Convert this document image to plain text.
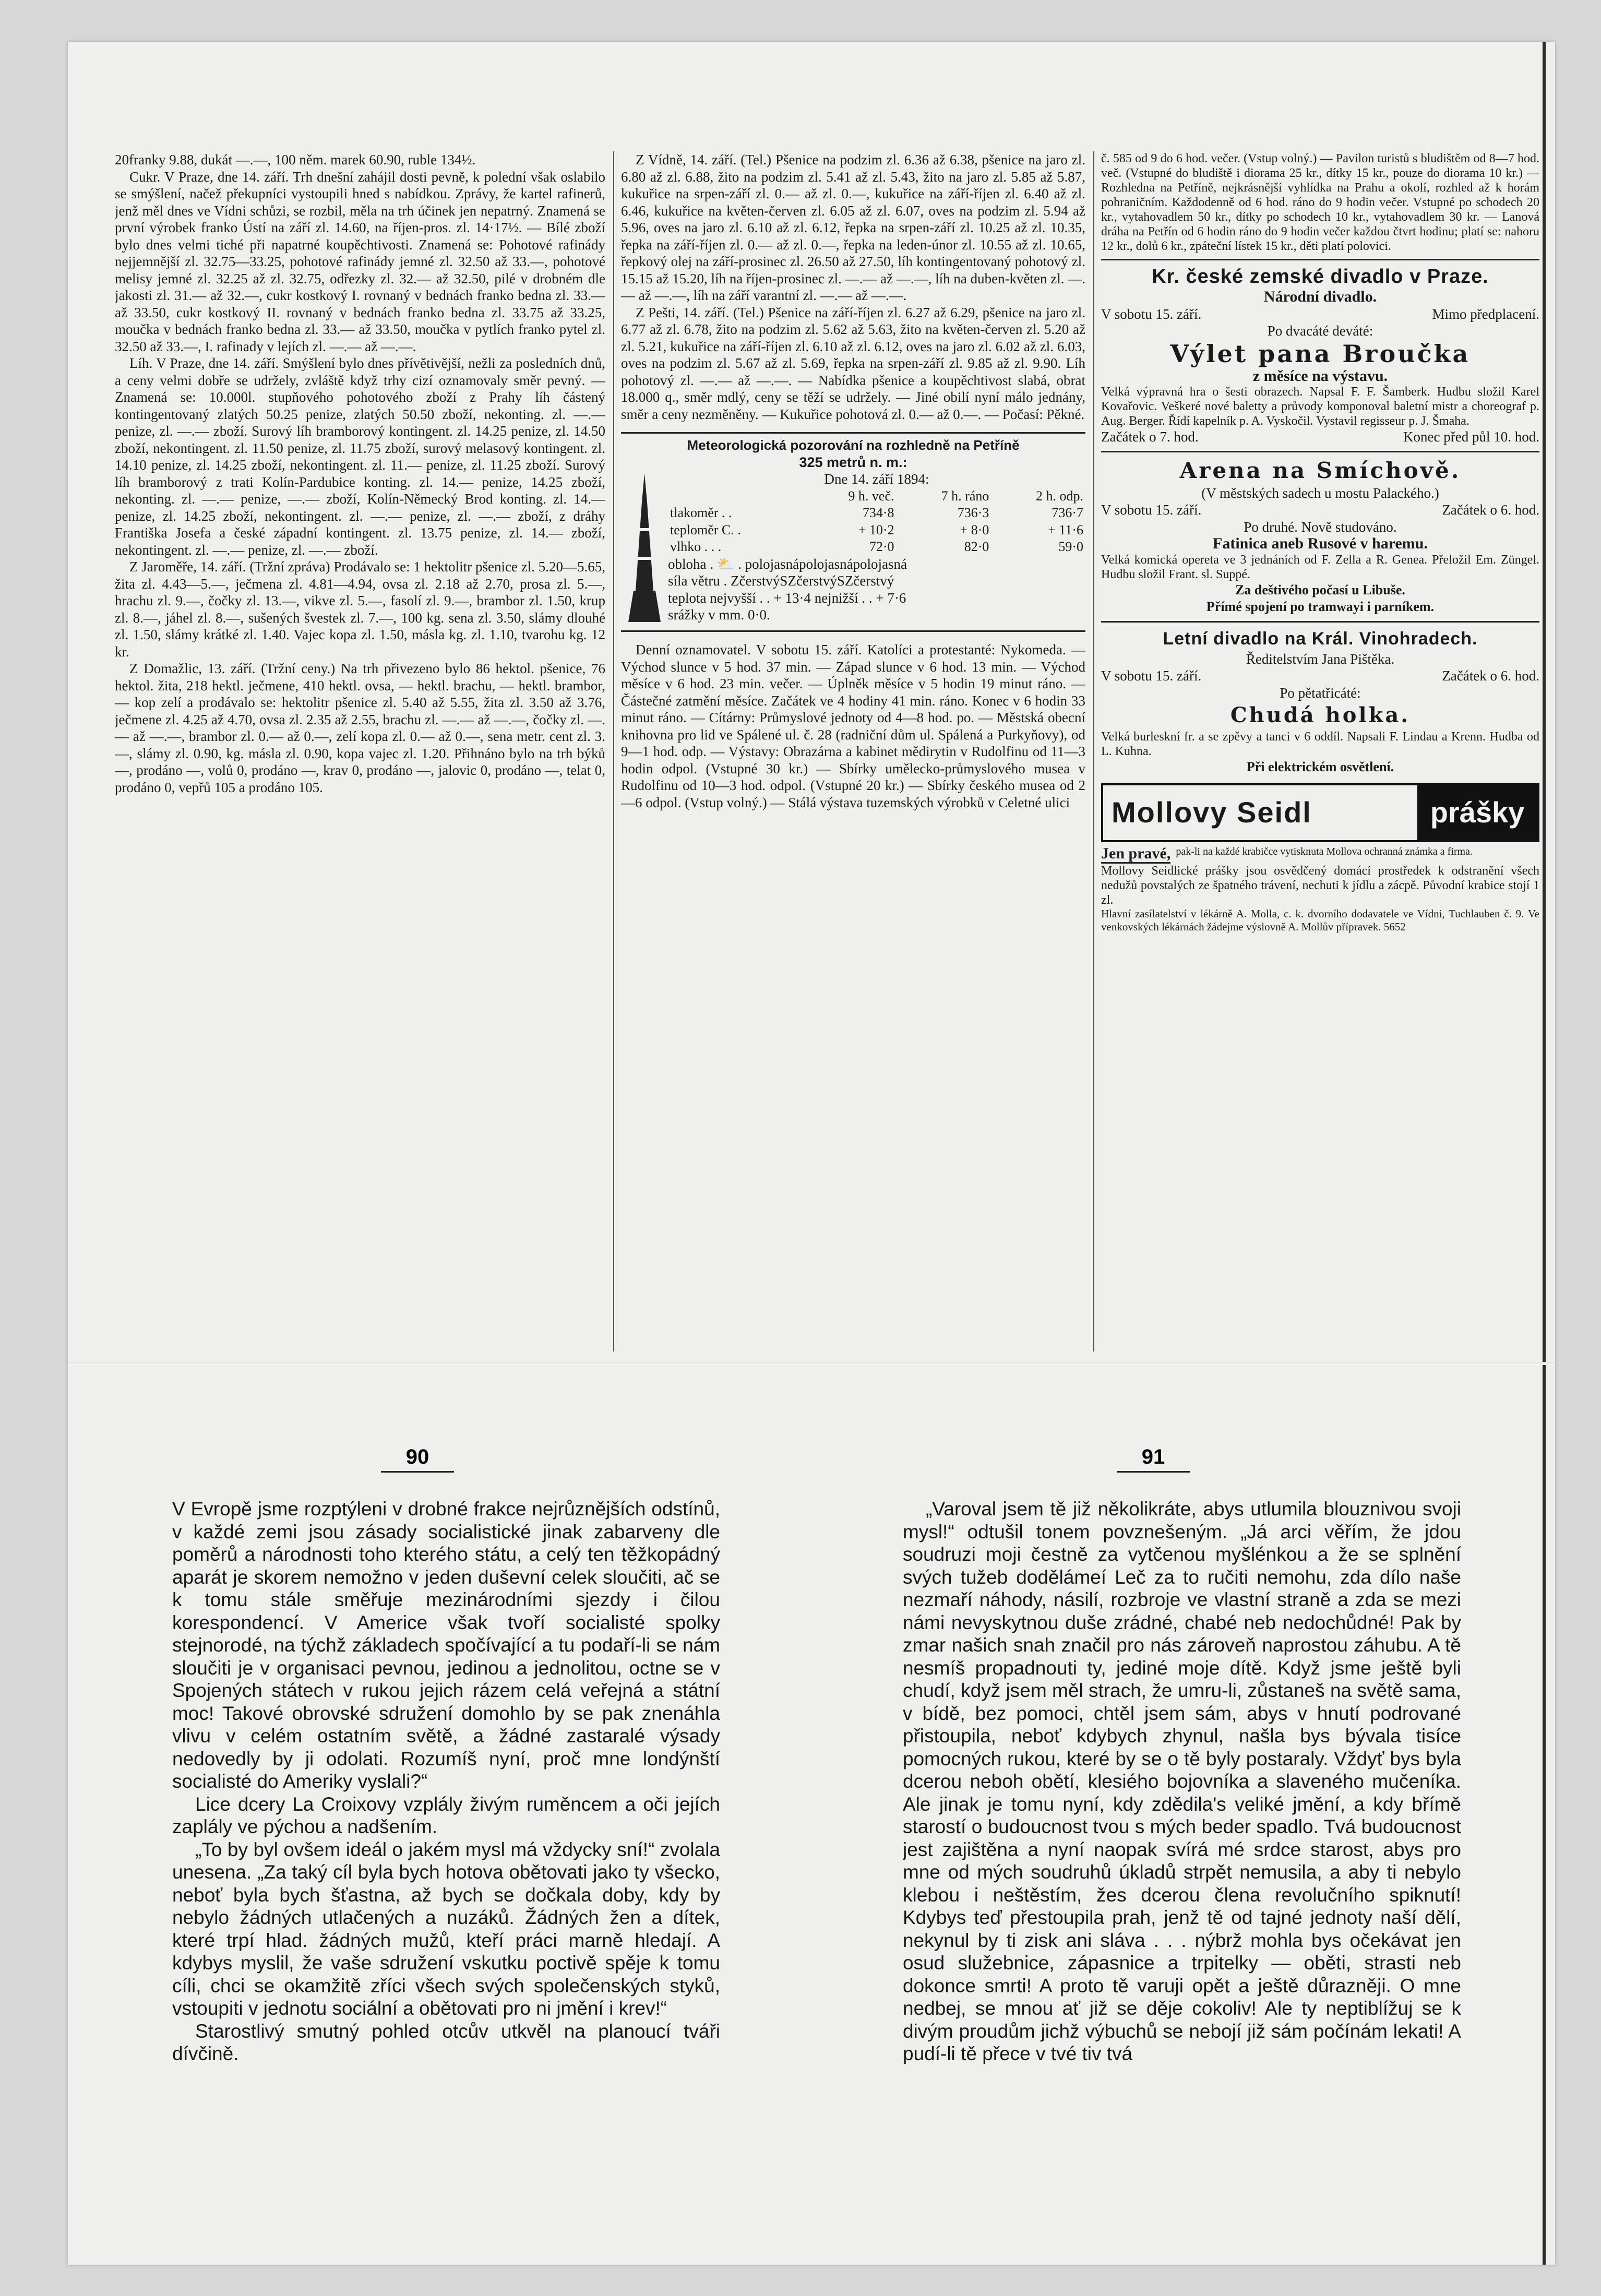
20franky 9.88, dukát —.—, 100 něm. marek 60.90, ruble 134½.

Cukr. V Praze, dne 14. září. Trh dnešní zahájil dosti pevně, k polední však oslabilo se smýšlení, načež překupníci vystoupili hned s nabídkou. Zprávy, že kartel rafinerů, jenž měl dnes ve Vídni schůzi, se rozbil, měla na trh účinek jen nepatrný. Znamená se první výrobek franko Ústí na září zl. 14.60, na říjen-pros. zl. 14·17½. — Bílé zboží bylo dnes velmi tiché při napatrné koupěchtivosti. Znamená se: Pohotové rafinády nejjemnější zl. 32.75—33.25, pohotové rafinády jemné zl. 32.50 až 33.—, pohotové melisy jemné zl. 32.25 až zl. 32.75, odřezky zl. 32.— až 32.50, pilé v drobném dle jakosti zl. 31.— až 32.—, cukr kostkový I. rovnaný v bednách franko bedna zl. 33.— až 33.50, cukr kostkový II. rovnaný v bednách franko bedna zl. 33.75 až 33.25, moučka v bednách franko bedna zl. 33.— až 33.50, moučka v pytlích franko pytel zl. 32.50 až 33.—, I. rafinady v lejích zl. —.— až —.—.

Líh. V Praze, dne 14. září. Smýšlení bylo dnes přívětivější, nežli za posledních dnů, a ceny velmi dobře se udržely, zvláště když trhy cizí oznamovaly směr pevný. — Znamená se: 10.000l. stupňového pohotového zboží z Prahy líh částený kontingentovaný zlatých 50.25 penize, zlatých 50.50 zboží, nekonting. zl. —.— penize, zl. —.— zboží. Surový líh bramborový kontingent. zl. 14.25 penize, zl. 14.50 zboží, nekontingent. zl. 11.50 penize, zl. 11.75 zboží, surový melasový kontingent. zl. 14.10 penize, zl. 14.25 zboží, nekontingent. zl. 11.— penize, zl. 11.25 zboží. Surový líh bramborový z trati Kolín-Pardubice konting. zl. 14.— penize, 14.25 zboží, nekonting. zl. —.— penize, —.— zboží, Kolín-Německý Brod konting. zl. 14.— penize, zl. 14.25 zboží, nekontingent. zl. —.— penize, zl. —.— zboží, z dráhy Františka Josefa a české západní kontingent. zl. 13.75 penize, zl. 14.— zboží, nekontingent. zl. —.— penize, zl. —.— zboží.

Z Jaroměře, 14. září. (Tržní zpráva) Prodávalo se: 1 hektolitr pšenice zl. 5.20—5.65, žita zl. 4.43—5.—, ječmena zl. 4.81—4.94, ovsa zl. 2.18 až 2.70, prosa zl. 5.—, hrachu zl. 9.—, čočky zl. 13.—, vikve zl. 5.—, fasolí zl. 9.—, brambor zl. 1.50, krup zl. 8.—, jáhel zl. 8.—, sušených švestek zl. 7.—, 100 kg. sena zl. 3.50, slámy dlouhé zl. 1.50, slámy krátké zl. 1.40. Vajec kopa zl. 1.50, másla kg. zl. 1.10, tvarohu kg. 12 kr.

Z Domažlic, 13. září. (Tržní ceny.) Na trh přivezeno bylo 86 hektol. pšenice, 76 hektol. žita, 218 hektl. ječmene, 410 hektl. ovsa, — hektl. brachu, — hektl. brambor, — kop zelí a prodávalo se: hektolitr pšenice zl. 5.40 až 5.55, žita zl. 3.50 až 3.76, ječmene zl. 4.25 až 4.70, ovsa zl. 2.35 až 2.55, brachu zl. —.— až —.—, čočky zl. —.— až —.—, brambor zl. 0.— až 0.—, zelí kopa zl. 0.— až 0.—, sena metr. cent zl. 3.—, slámy zl. 0.90, kg. másla zl. 0.90, kopa vajec zl. 1.20. Přihnáno bylo na trh býků —, prodáno —, volů 0, prodáno —, krav 0, prodáno —, jalovic 0, prodáno —, telat 0, prodáno 0, vepřů 105 a prodáno 105.

Z Vídně, 14. září. (Tel.) Pšenice na podzim zl. 6.36 až 6.38, pšenice na jaro zl. 6.80 až zl. 6.88, žito na podzim zl. 5.41 až zl. 5.43, žito na jaro zl. 5.85 až 5.87, kukuřice na srpen-září zl. 0.— až zl. 0.—, kukuřice na září-říjen zl. 6.40 až zl. 6.46, kukuřice na květen-červen zl. 6.05 až zl. 6.07, oves na podzim zl. 5.94 až 5.96, oves na jaro zl. 6.10 až zl. 6.12, řepka na srpen-září zl. 10.25 až zl. 10.35, řepka na září-říjen zl. 0.— až zl. 0.—, řepka na leden-únor zl. 10.55 až zl. 10.65, řepkový olej na září-prosinec zl. 26.50 až 27.50, líh kontingentovaný pohotový zl. 15.15 až 15.20, líh na říjen-prosinec zl. —.— až —.—, líh na duben-květen zl. —.— až —.—, líh na září varantní zl. —.— až —.—.

Z Pešti, 14. září. (Tel.) Pšenice na září-říjen zl. 6.27 až 6.29, pšenice na jaro zl. 6.77 až zl. 6.78, žito na podzim zl. 5.62 až 5.63, žito na květen-červen zl. 5.20 až zl. 5.21, kukuřice na září-říjen zl. 6.10 až zl. 6.12, oves na jaro zl. 6.02 až zl. 6.03, oves na podzim zl. 5.67 až zl. 5.69, řepka na srpen-září zl. 9.85 až zl. 9.90. Líh pohotový zl. —.— až —.—. — Nabídka pšenice a koupěchtivost slabá, obrat 18.000 q., směr mdlý, ceny se těží se udržely. — Jiné obilí nyní málo jednány, směr a ceny nezměněny. — Kukuřice pohotová zl. 0.— až 0.—. — Počasí: Pěkné.

Meteorologická pozorování na rozhledně na Petříně
325 metrů n. m.:
Dne 14. září 1894:
	9 h. več.	7 h. ráno	2 h. odp.
tlakoměr . .	734·8	736·3	736·7
teploměr C. .	+ 10·2	+ 8·0	+ 11·6
vlhko . . .	72·0	82·0	59·0
obloha . ⛅ . polojasnápolojasnápolojasná
síla větru . ZčerstvýSZčerstvýSZčerstvý
teplota nejvyšší . . + 13·4 nejnižší . . + 7·6
srážky v mm. 0·0.

Denní oznamovatel. V sobotu 15. září. Katolíci a protestanté: Nykomeda. — Východ slunce v 5 hod. 37 min. — Západ slunce v 6 hod. 13 min. — Východ měsíce v 6 hod. 23 min. večer. — Úplněk měsíce v 5 hodin 19 minut ráno. — Částečné zatmění měsíce. Začátek ve 4 hodiny 41 min. ráno. Konec v 6 hodin 33 minut ráno. — Cítárny: Průmyslové jednoty od 4—8 hod. po. — Městská obecní knihovna pro lid ve Spálené ul. č. 28 (radniční dům ul. Spálená a Purkyňovy), od 9—1 hod. odp. — Výstavy: Obrazárna a kabinet mědirytin v Rudolfinu od 11—3 hodin odpol. (Vstupné 30 kr.) — Sbírky umělecko-průmyslového musea v Rudolfinu od 10—3 hod. odpol. (Vstupné 20 kr.) — Sbírky českého musea od 2—6 odpol. (Vstup volný.) — Stálá výstava tuzemských výrobků v Celetné ulici

č. 585 od 9 do 6 hod. večer. (Vstup volný.) — Pavilon turistů s bludištěm od 8—7 hod. več. (Vstupné do bludiště i diorama 25 kr., dítky 15 kr., pouze do diorama 10 kr.) — Rozhledna na Petříně, nejkrásnější vyhlídka na Prahu a okolí, rozhled až k horám pohraničním. Každodenně od 6 hod. ráno do 9 hodin večer. Vstupné po schodech 20 kr., vytahovadlem 50 kr., dítky po schodech 10 kr., vytahovadlem 30 kr. — Lanová dráha na Petřín od 6 hodin ráno do 9 hodin večer každou čtvrt hodinu; platí se: nahoru 12 kr., dolů 6 kr., zpáteční lístek 15 kr., děti platí polovici.

Kr. české zemské divadlo v Praze.
Národní divadlo.
V sobotu 15. září.	Mimo předplacení.
Po dvacáté deváté:
Výlet pana Broučka
z měsíce na výstavu.

Velká výpravná hra o šesti obrazech. Napsal F. F. Šamberk. Hudbu složil Karel Kovařovic. Veškeré nové baletty a průvody komponoval baletní mistr a choreograf p. Aug. Berger. Řídí kapelník p. A. Vyskočil. Vystavil regisseur p. J. Šmaha.

Začátek o 7. hod.	Konec před půl 10. hod.
Arena na Smíchově.
(V městských sadech u mostu Palackého.)
V sobotu 15. září.	Začátek o 6. hod.
Po druhé. Nově studováno.
Fatinica aneb Rusové v haremu.

Velká komická opereta ve 3 jednáních od F. Zella a R. Genea. Přeložil Em. Züngel. Hudbu složil Frant. sl. Suppé.

Za deštivého počasí u Libuše.
Přímé spojení po tramwayi i parníkem.
Letní divadlo na Král. Vinohradech.
Ředitelstvím Jana Pištěka.
V sobotu 15. září.	Začátek o 6. hod.
Po pětatřicáté:
Chudá holka.

Velká burleskní fr. a se zpěvy a tanci v 6 oddíl. Napsali F. Lindau a Krenn. Hudba od L. Kuhna.

Při elektrickém osvětlení.
Mollovy Seidl	prášky
Jen pravé, pak-li na každé krabičce vytisknuta Mollova ochranná známka a firma.

Mollovy Seidlické prášky jsou osvědčený domácí prostředek k odstranění všech nedužů povstalých ze špatného trávení, nechuti k jídlu a zácpě. Původní krabice stojí 1 zl.

Hlavní zasílatelství v lékárně A. Molla, c. k. dvorního dodavatele ve Vídni, Tuchlauben č. 9. Ve venkovských lékárnách žádejme výslovně A. Mollův přípravek. 5652

90	91

V Evropě jsme rozptýleni v drobné frakce nejrůznějších odstínů, v každé zemi jsou zásady socialistické jinak zabarveny dle poměrů a národnosti toho kterého státu, a celý ten těžkopádný aparát je skorem nemožno v jeden duševní celek sloučiti, ač se k tomu stále směřuje mezinárodními sjezdy i čilou korespondencí. V Americe však tvoří socialisté spolky stejnorodé, na týchž základech spočívající a tu podaří-li se nám sloučiti je v organisaci pevnou, jedinou a jednolitou, octne se v Spojených státech v rukou jejich rázem celá veřejná a státní moc! Takové obrovské sdružení domohlo by se pak znenáhla vlivu v celém ostatním světě, a žádné zastaralé výsady nedovedly by ji odolati. Rozumíš nyní, proč mne londýnští socialisté do Ameriky vyslali?“

Lice dcery La Croixovy vzplály živým ruměncem a oči jejích zaplály ve pýchou a nadšením.

„To by byl ovšem ideál o jakém mysl má vždycky sní!“ zvolala unesena. „Za taký cíl byla bych hotova obětovati jako ty všecko, neboť byla bych šťastna, až bych se dočkala doby, kdy by nebylo žádných utlačených a nuzáků. Žádných žen a dítek, které trpí hlad. žádných mužů, kteří práci marně hledají. A kdybys myslil, že vaše sdružení vskutku poctivě spěje k tomu cíli, chci se okamžitě zříci všech svých společenských styků, vstoupiti v jednotu sociální a obětovati pro ni jmění i krev!“

Starostlivý smutný pohled otcův utkvěl na planoucí tváři dívčině.

„Varoval jsem tě již několikráte, abys utlumila blouznivou svoji mysl!“ odtušil tonem povznešeným. „Já arci věřím, že jdou soudruzi moji čestně za vytčenou myšlénkou a že se splnění svých tužeb dodělámeí Leč za to ručiti nemohu, zda dílo naše nezmaří náhody, násilí, rozbroje ve vlastní straně a zda se mezi námi nevyskytnou duše zrádné, chabé neb nedochůdné! Pak by zmar našich snah značil pro nás zároveň naprostou záhubu. A tě nesmíš propadnouti ty, jediné moje dítě. Když jsme ještě byli chudí, když jsem měl strach, že umru-li, zůstaneš na světě sama, v bídě, bez pomoci, chtěl jsem sám, abys v hnutí podrované přistoupila, neboť kdybych zhynul, našla bys bývala tisíce pomocných rukou, které by se o tě byly postaraly. Vždyť bys byla dcerou neboh obětí, klesiého bojovníka a slaveného mučeníka. Ale jinak je tomu nyní, kdy zdědila's veliké jmění, a kdy břímě starostí o budoucnost tvou s mých beder spadlo. Tvá budoucnost jest zajištěna a nyní naopak svírá mé srdce starost, abys pro mne od mých soudruhů úkladů strpět nemusila, a aby ti nebylo klebou i neštěstím, žes dcerou člena revolučního spiknutí! Kdybys teď přestoupila prah, jenž tě od tajné jednoty naší dělí, nekynul by ti zisk ani sláva . . . nýbrž mohla bys očekávat jen osud služebnice, zápasnice a trpitelky — oběti, strasti neb dokonce smrti! A proto tě varuji opět a ještě důrazněji. O mne nedbej, se mnou ať již se děje cokoliv! Ale ty neptiblížuj se k divým proudům jichž výbuchů se nebojí již sám počínám lekati! A pudí-li tě přece v tvé tiv tvá
